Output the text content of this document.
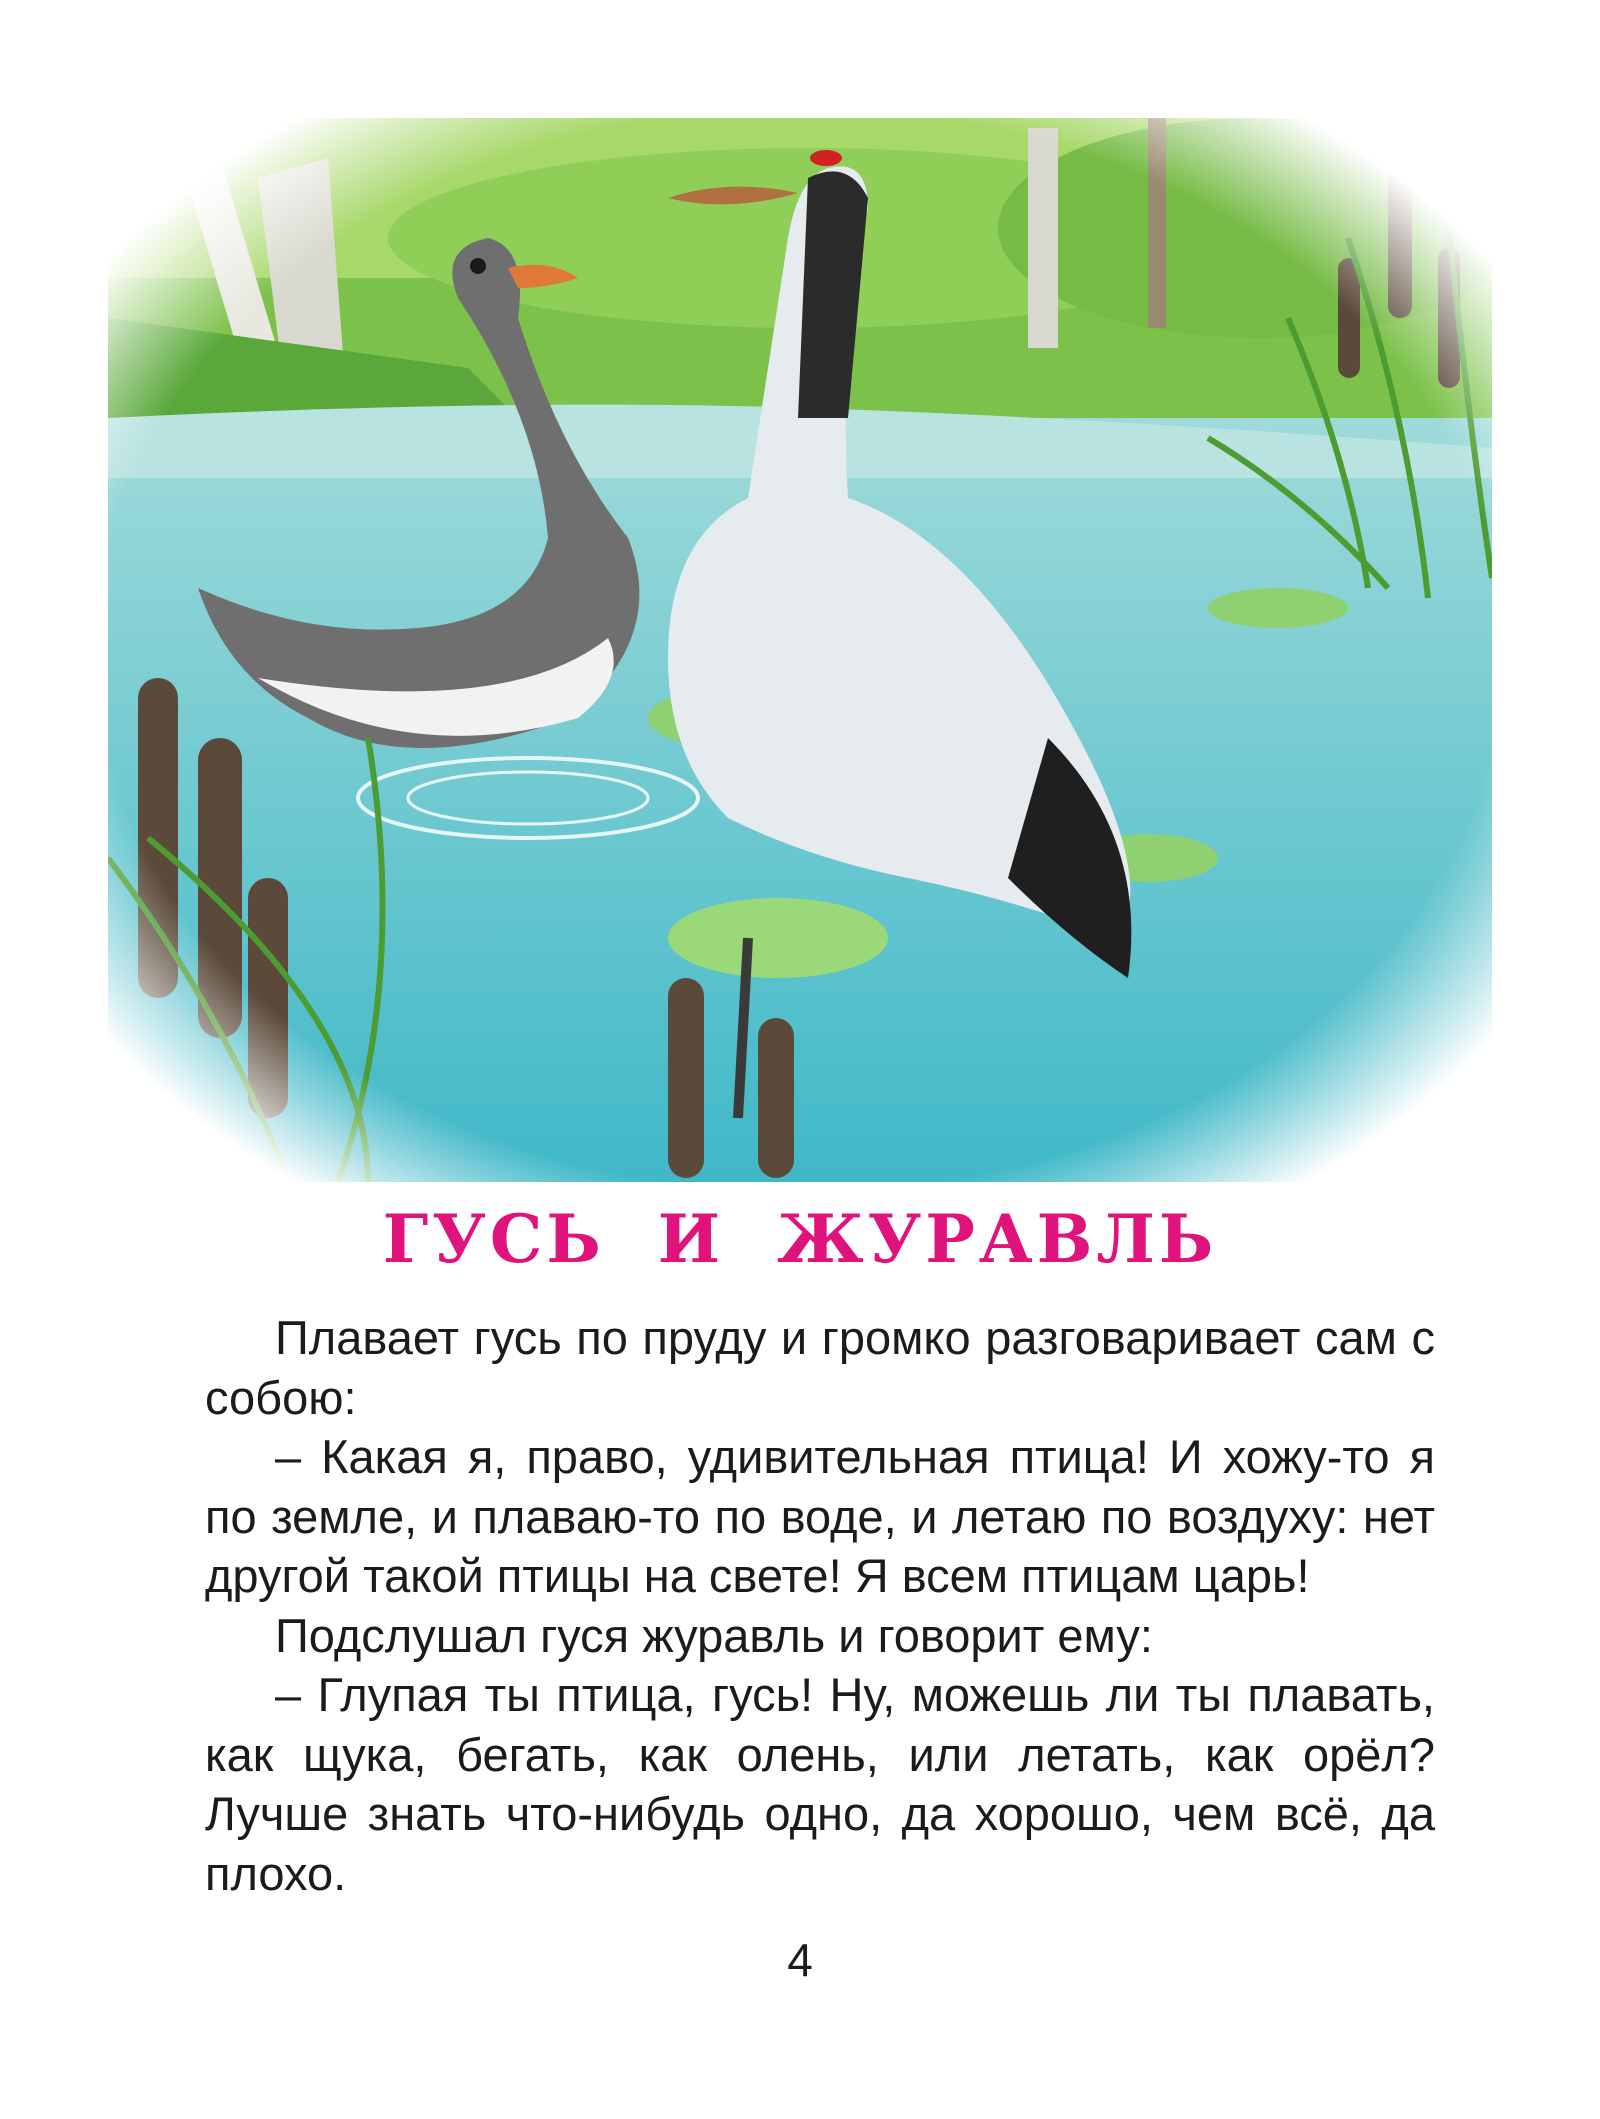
ГУСЬ И ЖУРАВЛЬ

Плавает гусь по пруду и громко разговаривает сам с собою:

– Какая я, право, удивительная птица! И хожу-то я по земле, и плаваю-то по воде, и летаю по воздуху: нет другой такой птицы на свете! Я всем птицам царь!

Подслушал гуся журавль и говорит ему:

– Глупая ты птица, гусь! Ну, можешь ли ты плавать, как щука, бегать, как олень, или летать, как орёл? Лучше знать что-нибудь одно, да хорошо, чем всё, да плохо.

4
